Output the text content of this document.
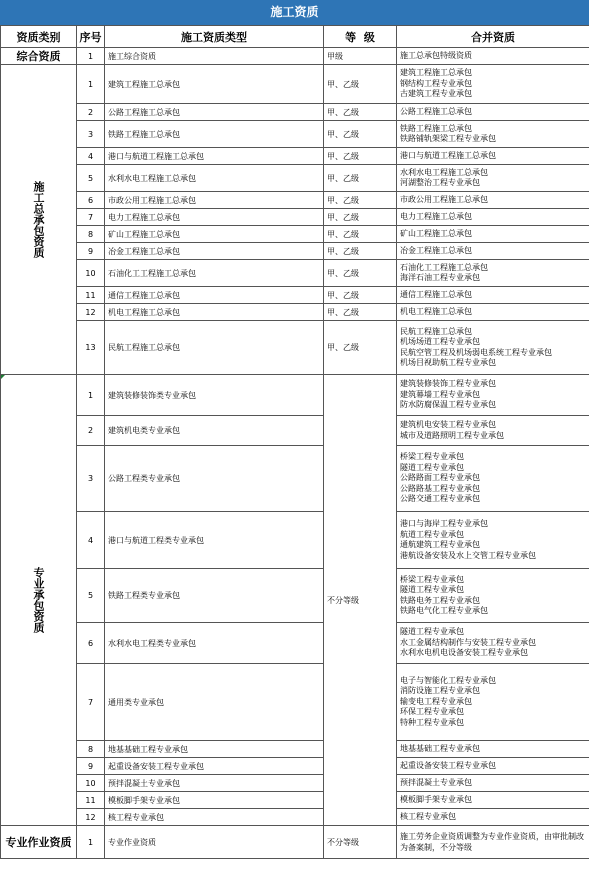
施工资质
资质类别	序号	施工资质类型	等  级	合并资质
综合资质	1	施工综合资质	甲级	施工总承包特级资质

施工总承包资质	1	建筑工程施工总承包	甲、乙级	建筑工程施工总承包
钢结构工程专业承包
古建筑工程专业承包

	2	公路工程施工总承包	甲、乙级	公路工程施工总承包

	3	铁路工程施工总承包	甲、乙级	铁路工程施工总承包
铁路铺轨架梁工程专业承包

	4	港口与航道工程施工总承包	甲、乙级	港口与航道工程施工总承包

	5	水利水电工程施工总承包	甲、乙级	水利水电工程施工总承包
河湖整治工程专业承包

	6	市政公用工程施工总承包	甲、乙级	市政公用工程施工总承包

	7	电力工程施工总承包	甲、乙级	电力工程施工总承包

	8	矿山工程施工总承包	甲、乙级	矿山工程施工总承包

	9	冶金工程施工总承包	甲、乙级	冶金工程施工总承包

	10	石油化工工程施工总承包	甲、乙级	石油化工工程施工总承包
海洋石油工程专业承包

	11	通信工程施工总承包	甲、乙级	通信工程施工总承包

	12	机电工程施工总承包	甲、乙级	机电工程施工总承包

	13	民航工程施工总承包	甲、乙级	民航工程施工总承包
机场场道工程专业承包
民航空管工程及机场弱电系统工程专业承包
机场目视助航工程专业承包

专业承包资质	1	建筑装修装饰类专业承包	不分等级	建筑装修装饰工程专业承包
建筑幕墙工程专业承包
防水防腐保温工程专业承包

	2	建筑机电类专业承包		建筑机电安装工程专业承包
城市及道路照明工程专业承包

	3	公路工程类专业承包		桥梁工程专业承包
隧道工程专业承包
公路路面工程专业承包
公路路基工程专业承包
公路交通工程专业承包

	4	港口与航道工程类专业承包		港口与海岸工程专业承包
航道工程专业承包
通航建筑工程专业承包
港航设备安装及水上交管工程专业承包

	5	铁路工程类专业承包		桥梁工程专业承包
隧道工程专业承包
铁路电务工程专业承包
铁路电气化工程专业承包

	6	水利水电工程类专业承包		隧道工程专业承包
水工金属结构制作与安装工程专业承包
水利水电机电设备安装工程专业承包

	7	通用类专业承包		电子与智能化工程专业承包
消防设施工程专业承包
输变电工程专业承包
环保工程专业承包
特种工程专业承包

	8	地基基础工程专业承包		地基基础工程专业承包

	9	起重设备安装工程专业承包		起重设备安装工程专业承包

	10	预拌混凝土专业承包		预拌混凝土专业承包

	11	模板脚手架专业承包		模板脚手架专业承包

	12	核工程专业承包		核工程专业承包

专业作业资质	1	专业作业资质	不分等级	施工劳务企业资质调整为专业作业资质，由审批制改为备案制，不分等级
